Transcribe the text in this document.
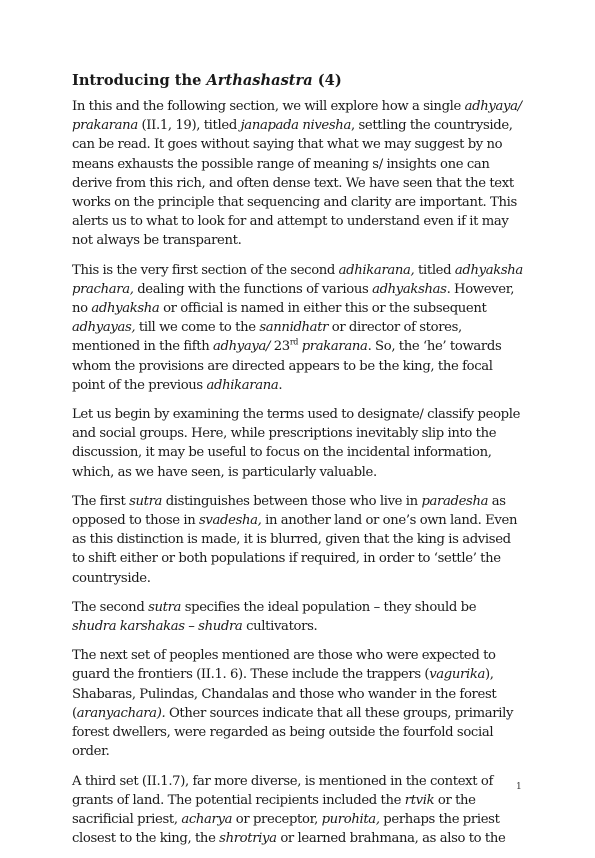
Introducing the Arthashastra (4)

In this and the following section, we will explore how a single adhyaya/ prakarana (II.1, 19), titled janapada nivesha, settling the countryside, can be read. It goes without saying that what we may suggest by no means exhausts the possible range of meaning s/ insights one can derive from this rich, and often dense text. We have seen that the text works on the principle that sequencing and clarity are important. This alerts us to what to look for and attempt to understand even if it may not always be transparent.

This is the very first section of the second adhikarana, titled adhyaksha prachara, dealing with the functions of various adhyakshas. However, no adhyaksha or official is named in either this or the subsequent adhyayas, till we come to the sannidhatr or director of stores, mentioned in the fifth adhyaya/ 23rd prakarana. So, the ‘he’ towards whom the provisions are directed appears to be the king, the focal point of the previous adhikarana.

Let us begin by examining the terms used to designate/ classify people and social groups. Here, while prescriptions inevitably slip into the discussion, it may be useful to focus on the incidental information, which, as we have seen, is particularly valuable.

The first sutra distinguishes between those who live in paradesha as opposed to those in svadesha, in another land or one’s own land. Even as this distinction is made, it is blurred, given that the king is advised to shift either or both populations if required, in order to ‘settle’ the countryside.

The second sutra specifies the ideal population – they should be shudra karshakas – shudra cultivators.

The next set of peoples mentioned are those who were expected to guard the frontiers (II.1. 6). These include the trappers (vagurika), Shabaras, Pulindas, Chandalas and those who wander in the forest (aranyachara). Other sources indicate that all these groups, primarily forest dwellers, were regarded as being outside the fourfold social order.

A third set (II.1.7), far more diverse, is mentioned in the context of grants of land. The potential recipients included the rtvik or the sacrificial priest, acharya or preceptor, purohita, perhaps the priest closest to the king, the shrotriya or learned brahmana, as also to the

1
